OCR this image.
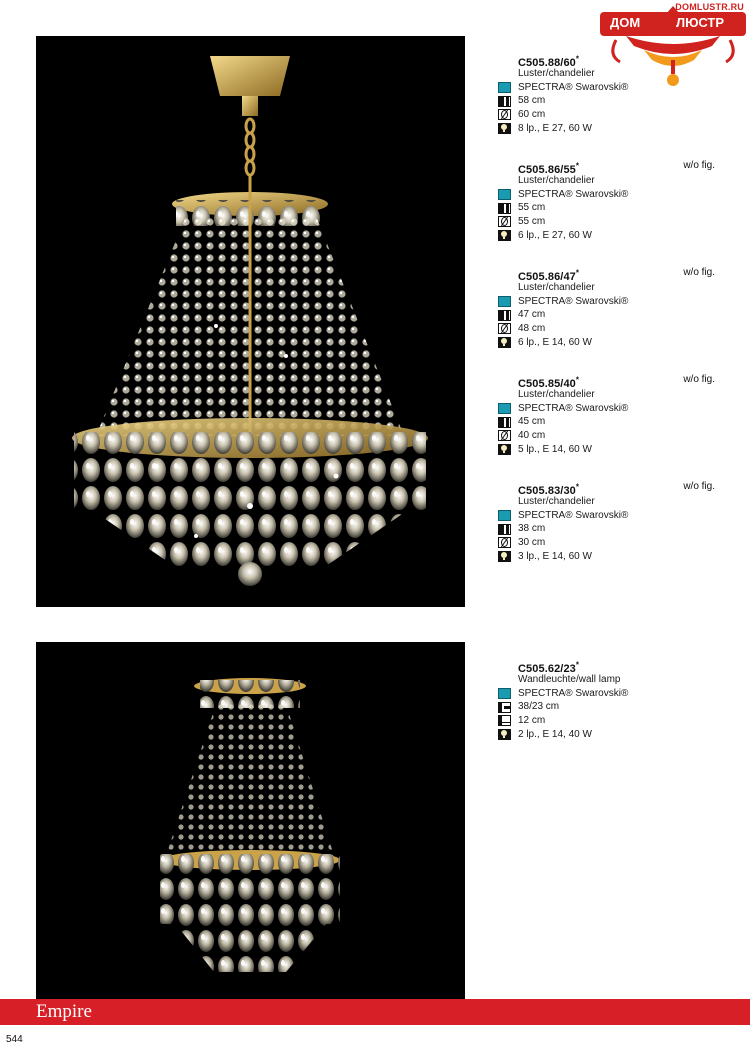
DOMLUSTR.RU
ДОМ	ЛЮСТР
C505.88/60*
Luster/chandelier
SPECTRA® Swarovski®
58 cm
60 cm
8 lp., E 27, 60 W
C505.86/55*	w/o fig.
Luster/chandelier
SPECTRA® Swarovski®
55 cm
55 cm
6 lp., E 27, 60 W
C505.86/47*	w/o fig.
Luster/chandelier
SPECTRA® Swarovski®
47 cm
48 cm
6 lp., E 14, 60 W
C505.85/40*	w/o fig.
Luster/chandelier
SPECTRA® Swarovski®
45 cm
40 cm
5 lp., E 14, 60 W
C505.83/30*	w/o fig.
Luster/chandelier
SPECTRA® Swarovski®
38 cm
30 cm
3 lp., E 14, 60 W
C505.62/23*
Wandleuchte/wall lamp
SPECTRA® Swarovski®
38/23 cm
12 cm
2 lp., E 14, 40 W
Empire
544
